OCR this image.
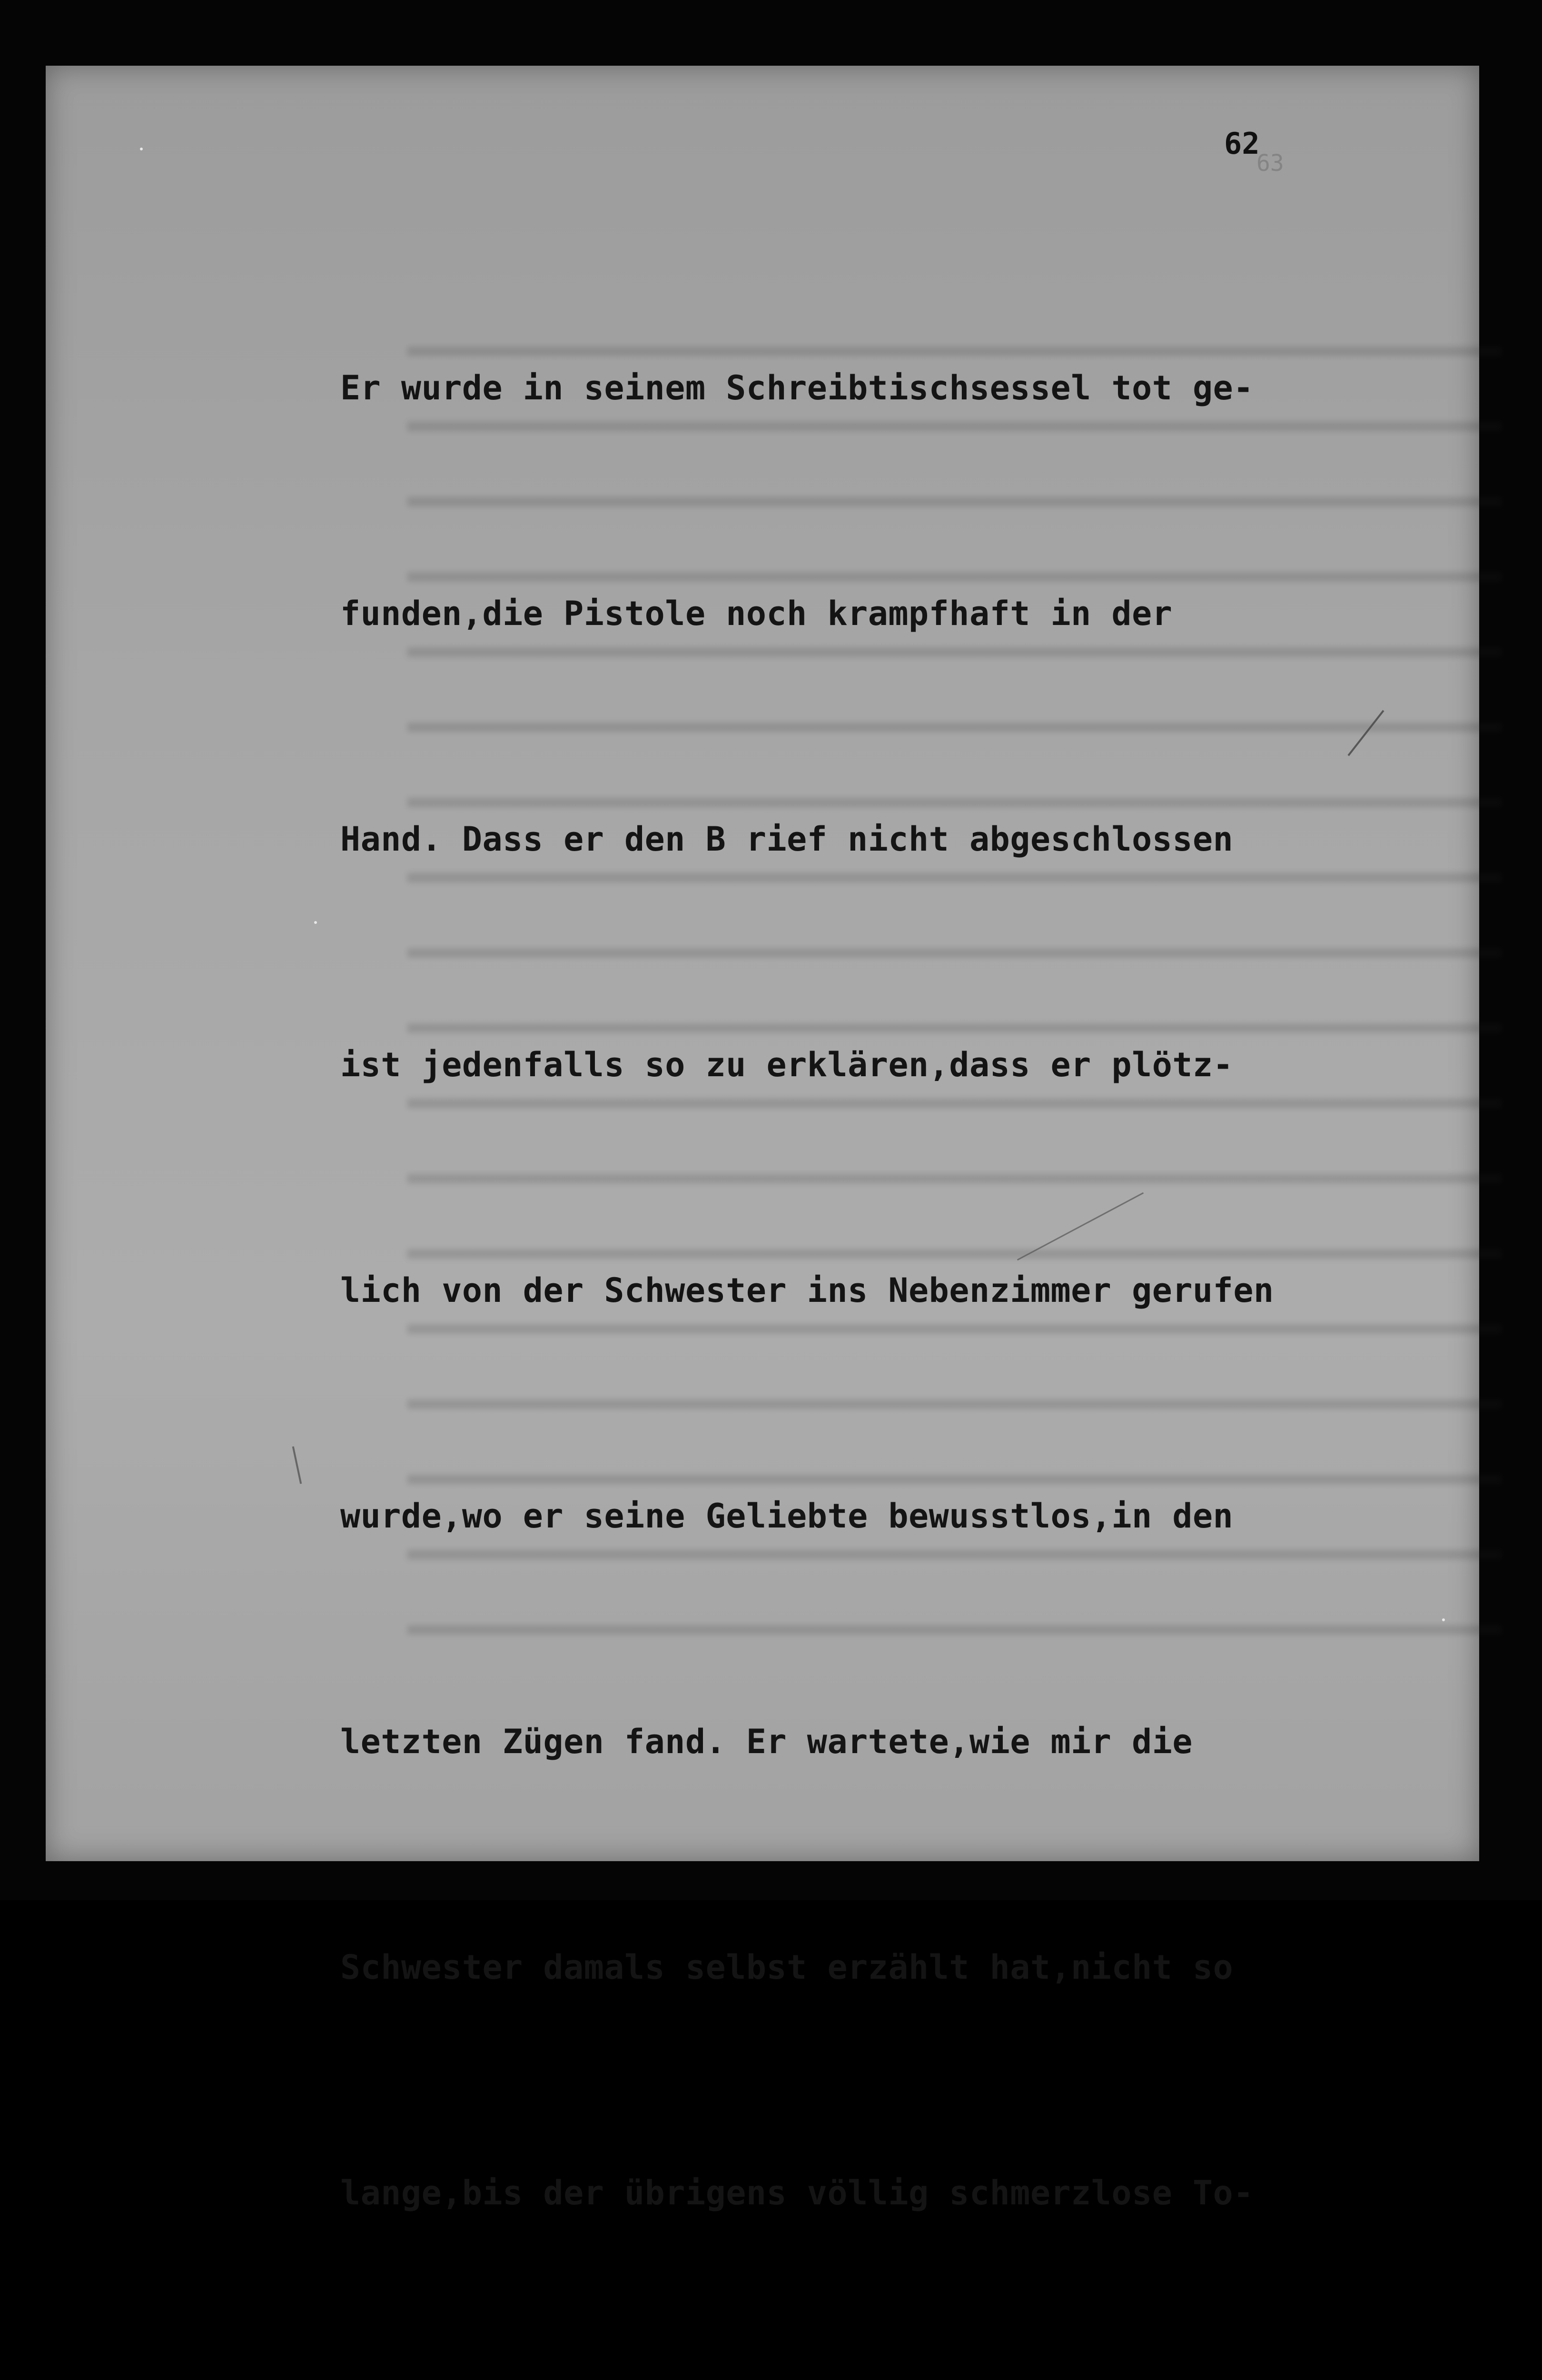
62
63

Er wurde in seinem Schreibtischsessel tot ge-

funden,die Pistole noch krampfhaft in der

Hand. Dass er den B rief nicht abgeschlossen

ist jedenfalls so zu erklären,dass er plötz-

lich von der Schwester ins Nebenzimmer gerufen

wurde,wo er seine Geliebte bewusstlos,in den

letzten Zügen fand. Er wartete,wie mir die

Schwester damals selbst erzählt hat,nicht so

lange,bis der übrigens völlig schmerzlose To-
